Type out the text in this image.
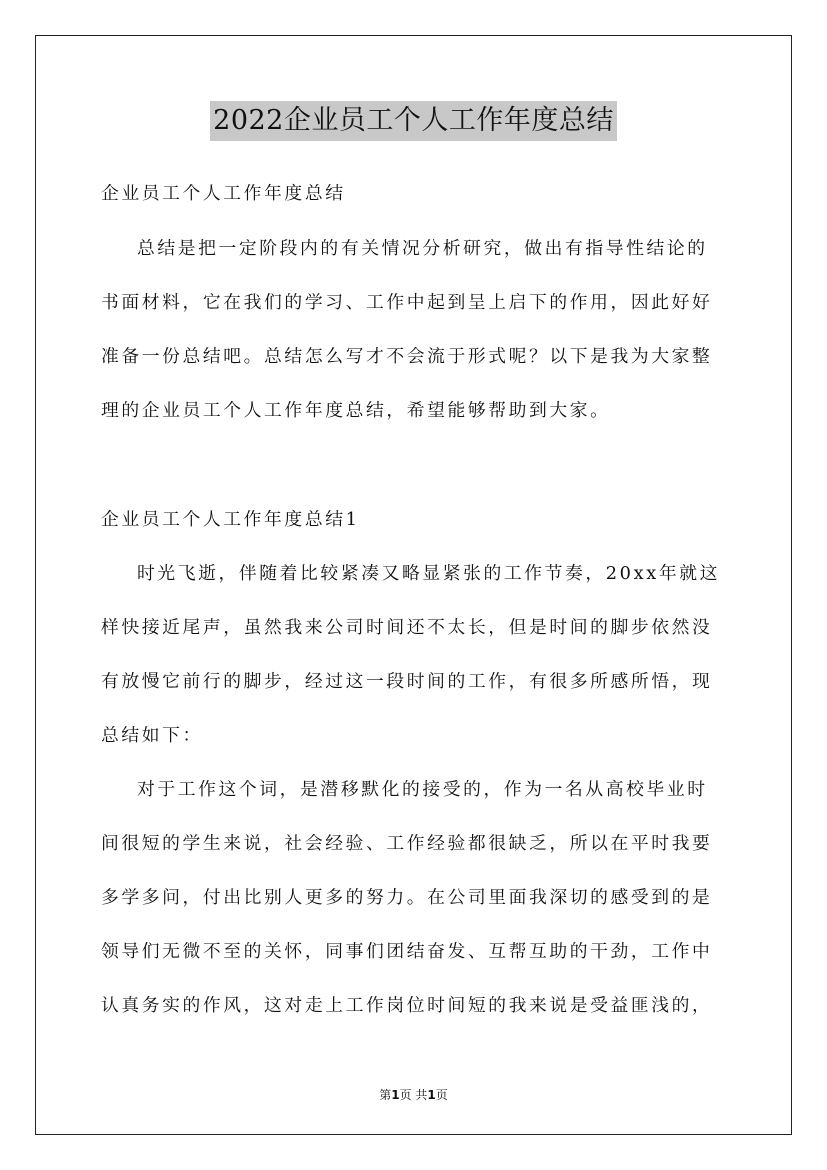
2022企业员工个人工作年度总结
企业员工个人工作年度总结
总结是把一定阶段内的有关情况分析研究，做出有指导性结论的
书面材料，它在我们的学习、工作中起到呈上启下的作用，因此好好
准备一份总结吧。总结怎么写才不会流于形式呢？以下是我为大家整
理的企业员工个人工作年度总结，希望能够帮助到大家。
企业员工个人工作年度总结1
时光飞逝，伴随着比较紧凑又略显紧张的工作节奏，20xx年就这
样快接近尾声，虽然我来公司时间还不太长，但是时间的脚步依然没
有放慢它前行的脚步，经过这一段时间的工作，有很多所感所悟，现
总结如下：
对于工作这个词，是潜移默化的接受的，作为一名从高校毕业时
间很短的学生来说，社会经验、工作经验都很缺乏，所以在平时我要
多学多问，付出比别人更多的努力。在公司里面我深切的感受到的是
领导们无微不至的关怀，同事们团结奋发、互帮互助的干劲，工作中
认真务实的作风，这对走上工作岗位时间短的我来说是受益匪浅的，
第1页 共1页
